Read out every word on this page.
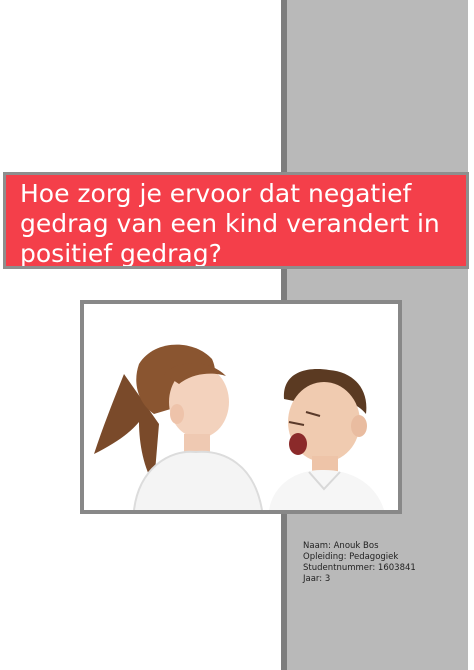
Hoe zorg je ervoor dat negatief gedrag van een kind verandert in positief gedrag?
Naam: Anouk Bos
Opleiding: Pedagogiek
Studentnummer: 1603841
Jaar: 3
